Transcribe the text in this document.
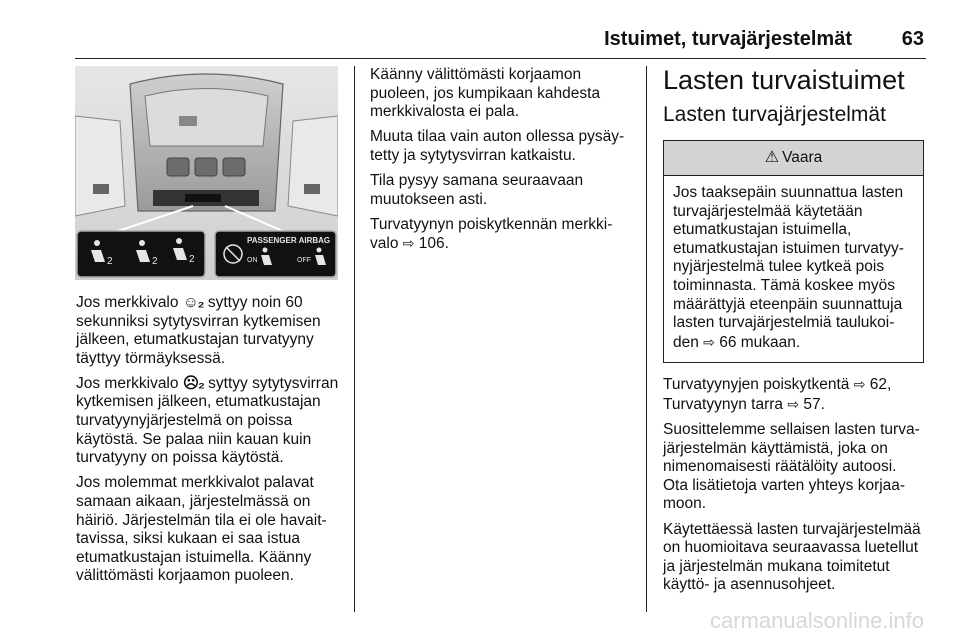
Istuimet, turvajärjestelmät 63
2	2	2
PASSENGER AIRBAG
ON	OFF

Jos merkkivalo ☺₂ syttyy noin 60 sekunniksi sytytysvirran kytkemisen jälkeen, etumatkustajan turvatyyny täyttyy törmäyksessä.

Jos merkkivalo ☹₂ syttyy sytytysvirran kytkemisen jälkeen, etumatkustajan turvatyynyjärjestelmä on poissa käytöstä. Se palaa niin kauan kuin turvatyyny on poissa käytöstä.

Jos molemmat merkkivalot palavat samaan aikaan, järjestelmässä on häiriö. Järjestelmän tila ei ole havaittavissa, siksi kukaan ei saa istua etumatkustajan istuimella. Käänny välittömästi korjaamon puoleen.

Käänny välittömästi korjaamon puoleen, jos kumpikaan kahdesta merkkivalosta ei pala.

Muuta tilaa vain auton ollessa pysäytetty ja sytytysvirran katkaistu.

Tila pysyy samana seuraavaan muutokseen asti.

Turvatyynyn poiskytkennän merkkivalo ⇨ 106.

Lasten turvaistuimet
Lasten turvajärjestelmät
⚠ Vaara
Jos taaksepäin suunnattua lasten turvajärjestelmää käytetään etumatkustajan istuimella, etumatkustajan istuimen turvatyynyjärjestelmä tulee kytkeä pois toiminnasta. Tämä koskee myös määrättyjä eteenpäin suunnattuja lasten turvajärjestelmiä taulukoiden ⇨ 66 mukaan.

Turvatyynyjen poiskytkentä ⇨ 62,
Turvatyynyn tarra ⇨ 57.

Suosittelemme sellaisen lasten turvajärjestelmän käyttämistä, joka on nimenomaisesti räätälöity autoosi. Ota lisätietoja varten yhteys korjaamoon.

Käytettäessä lasten turvajärjestelmää on huomioitava seuraavassa luetellut ja järjestelmän mukana toimitetut käyttö- ja asennusohjeet.

carmanualsonline.info
